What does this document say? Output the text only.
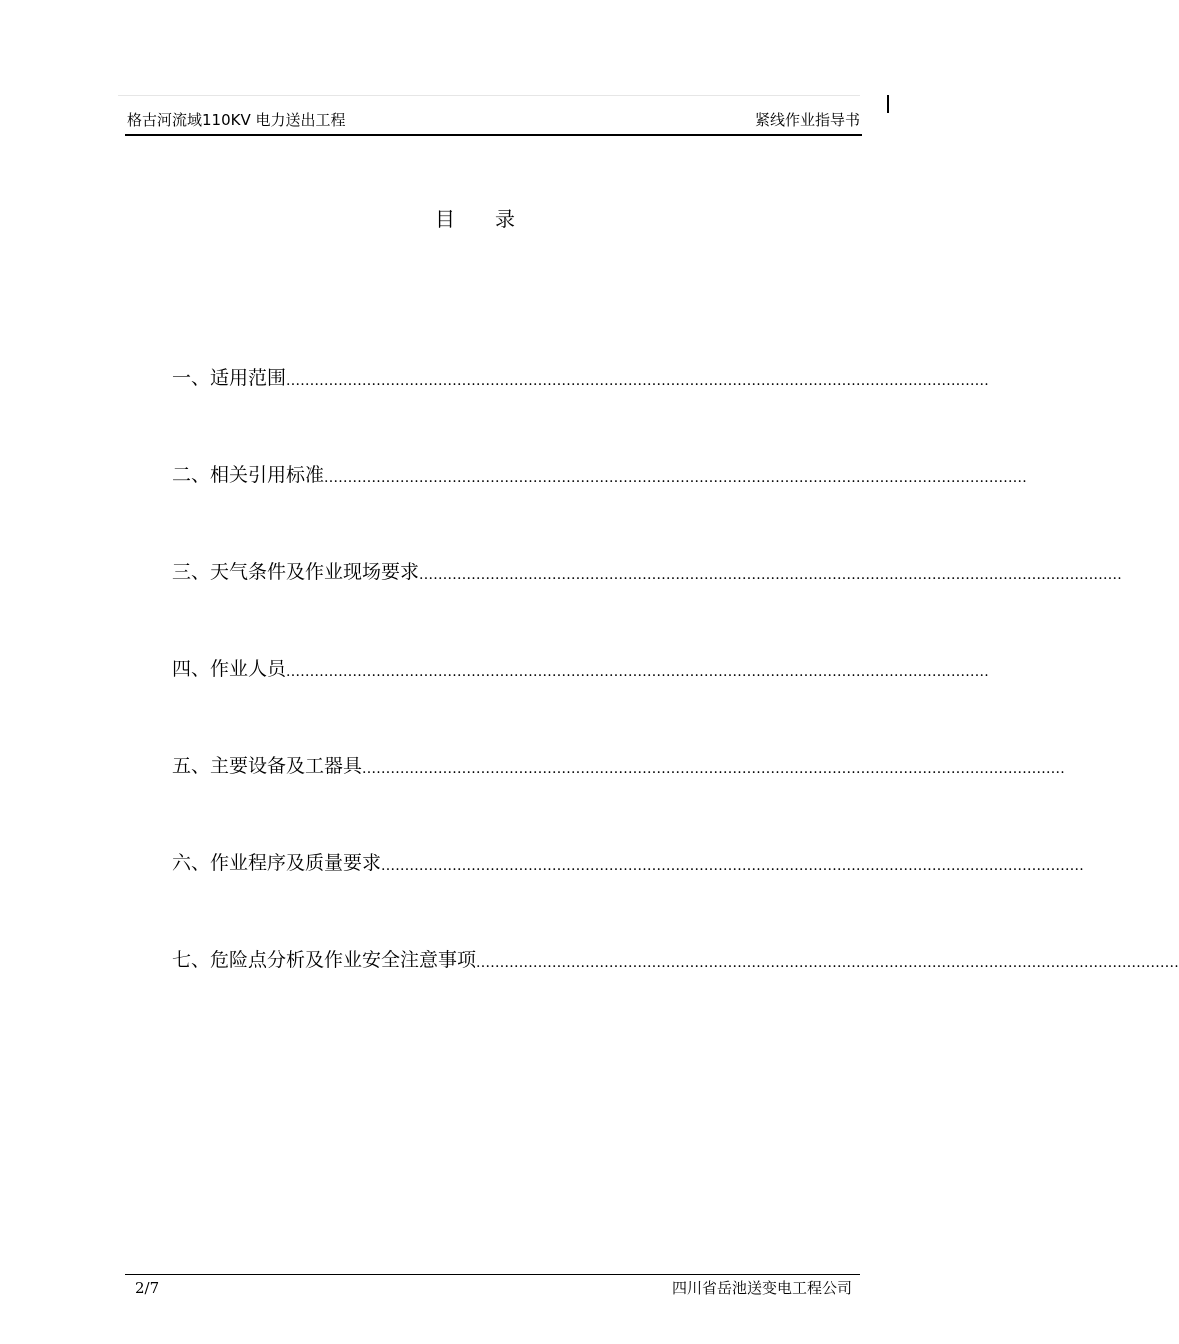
格古河流域110KV 电力送出工程	紧线作业指导书
目录
一、适用范围 ....................................................................................................................................................
二、相关引用标准 ....................................................................................................................................................
三、天气条件及作业现场要求 ....................................................................................................................................................
四、作业人员 ....................................................................................................................................................
五、主要设备及工器具 ....................................................................................................................................................
六、作业程序及质量要求 ....................................................................................................................................................
七、危险点分析及作业安全注意事项 ....................................................................................................................................................
2/7	四川省岳池送变电工程公司
